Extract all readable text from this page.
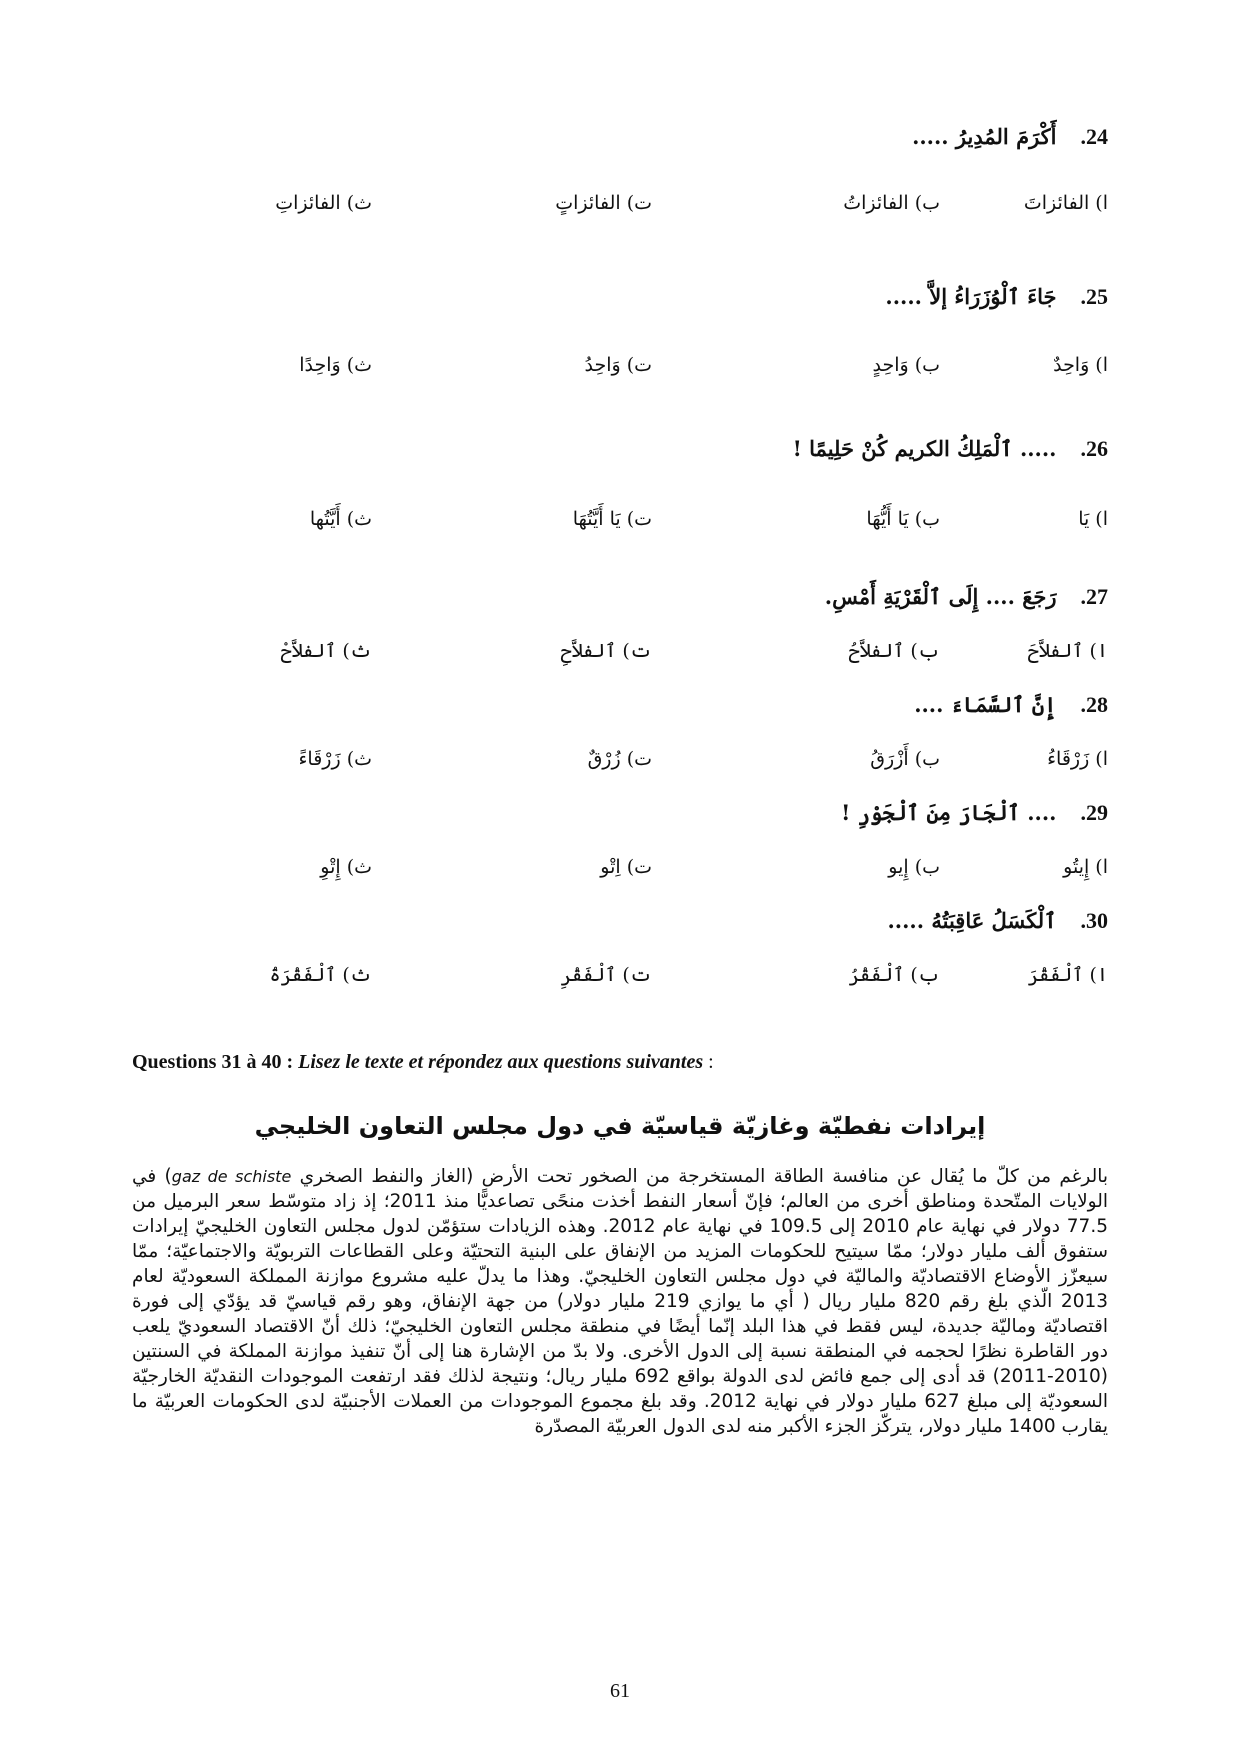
.24أَكْرَمَ المُدِيرُ .....
ا) الفائزاتَ
ب) الفائزاتُ
ت) الفائزاتٍ
ث) الفائزاتِ
.25جَاءَ ٱلْوُزَرَاءُ إلاَّ .....
ا) وَاحِدٌ
ب) وَاحِدٍ
ت) وَاحِدُ
ث) وَاحِدًا
.26..... ٱلْمَلِكُ الكريم كُنْ حَلِيمًا !
ا) يَا
ب) يَا أَيُّهَا
ت) يَا أَيَّتُهَا
ث) أَيَّتُها
.27رَجَعَ .... إِلَى ٱلْقَرْيَةِ أَمْسِ.
ا) ٱلفلاَّحَ
ب) ٱلفلاَّحُ
ت) ٱلفلاَّحِ
ث) ٱلفلاَّحْ
.28إِنَّ ٱلسَّمَاءَ ....
ا) زَرْقَاءُ
ب) أَزْرَقُ
ت) زُرْقٌ
ث) زَرْقَاءً
.29.... ٱلْجَارَ مِنَ ٱلْجَوْرِ !
ا) إِيتُو
ب) إِيو
ت) اِتْو
ث) إِتْوِ
.30ٱلْكَسَلُ عَاقِبَتُهُ .....
ا) ٱلْفَقْرَ
ب) ٱلْفَقْرُ
ت) ٱلْفَقْرِ
ث) ٱلْفَقْرَةُ
Questions 31 à 40 : Lisez le texte et répondez aux questions suivantes :
إيرادات نفطيّة وغازيّة قياسيّة في دول مجلس التعاون الخليجي
بالرغم من كلّ ما يُقال عن منافسة الطاقة المستخرجة من الصخور تحت الأرض (الغاز والنفط الصخري gaz de schiste) في الولايات المتّحدة ومناطق أخرى من العالم؛ فإنّ أسعار النفط أخذت منحًى تصاعديًّا منذ 2011؛ إذ زاد متوسّط سعر البرميل من 77.5 دولار في نهاية عام 2010 إلى 109.5 في نهاية عام 2012. وهذه الزيادات ستؤمّن لدول مجلس التعاون الخليجيّ إيرادات ستفوق ألف مليار دولار؛ ممّا سيتيح للحكومات المزيد من الإنفاق على البنية التحتيّة وعلى القطاعات التربويّة والاجتماعيّة؛ ممّا سيعزّز الأوضاع الاقتصاديّة والماليّة في دول مجلس التعاون الخليجيّ. وهذا ما يدلّ عليه مشروع موازنة المملكة السعوديّة لعام 2013 الّذي بلغ رقم 820 مليار ريال ( أي ما يوازي 219 مليار دولار) من جهة الإنفاق، وهو رقم قياسيّ قد يؤدّي إلى فورة اقتصاديّة وماليّة جديدة، ليس فقط في هذا البلد إنّما أيضًا في منطقة مجلس التعاون الخليجيّ؛ ذلك أنّ الاقتصاد السعوديّ يلعب دور القاطرة نظرًا لحجمه في المنطقة نسبة إلى الدول الأخرى. ولا بدّ من الإشارة هنا إلى أنّ تنفيذ موازنة المملكة في السنتين (2010-2011) قد أدى إلى جمع فائض لدى الدولة بواقع 692 مليار ريال؛ ونتيجة لذلك فقد ارتفعت الموجودات النقديّة الخارجيّة السعوديّة إلى مبلغ 627 مليار دولار في نهاية 2012. وقد بلغ مجموع الموجودات من العملات الأجنبيّة لدى الحكومات العربيّة ما يقارب 1400 مليار دولار، يتركّز الجزء الأكبر منه لدى الدول العربيّة المصدّرة
61
